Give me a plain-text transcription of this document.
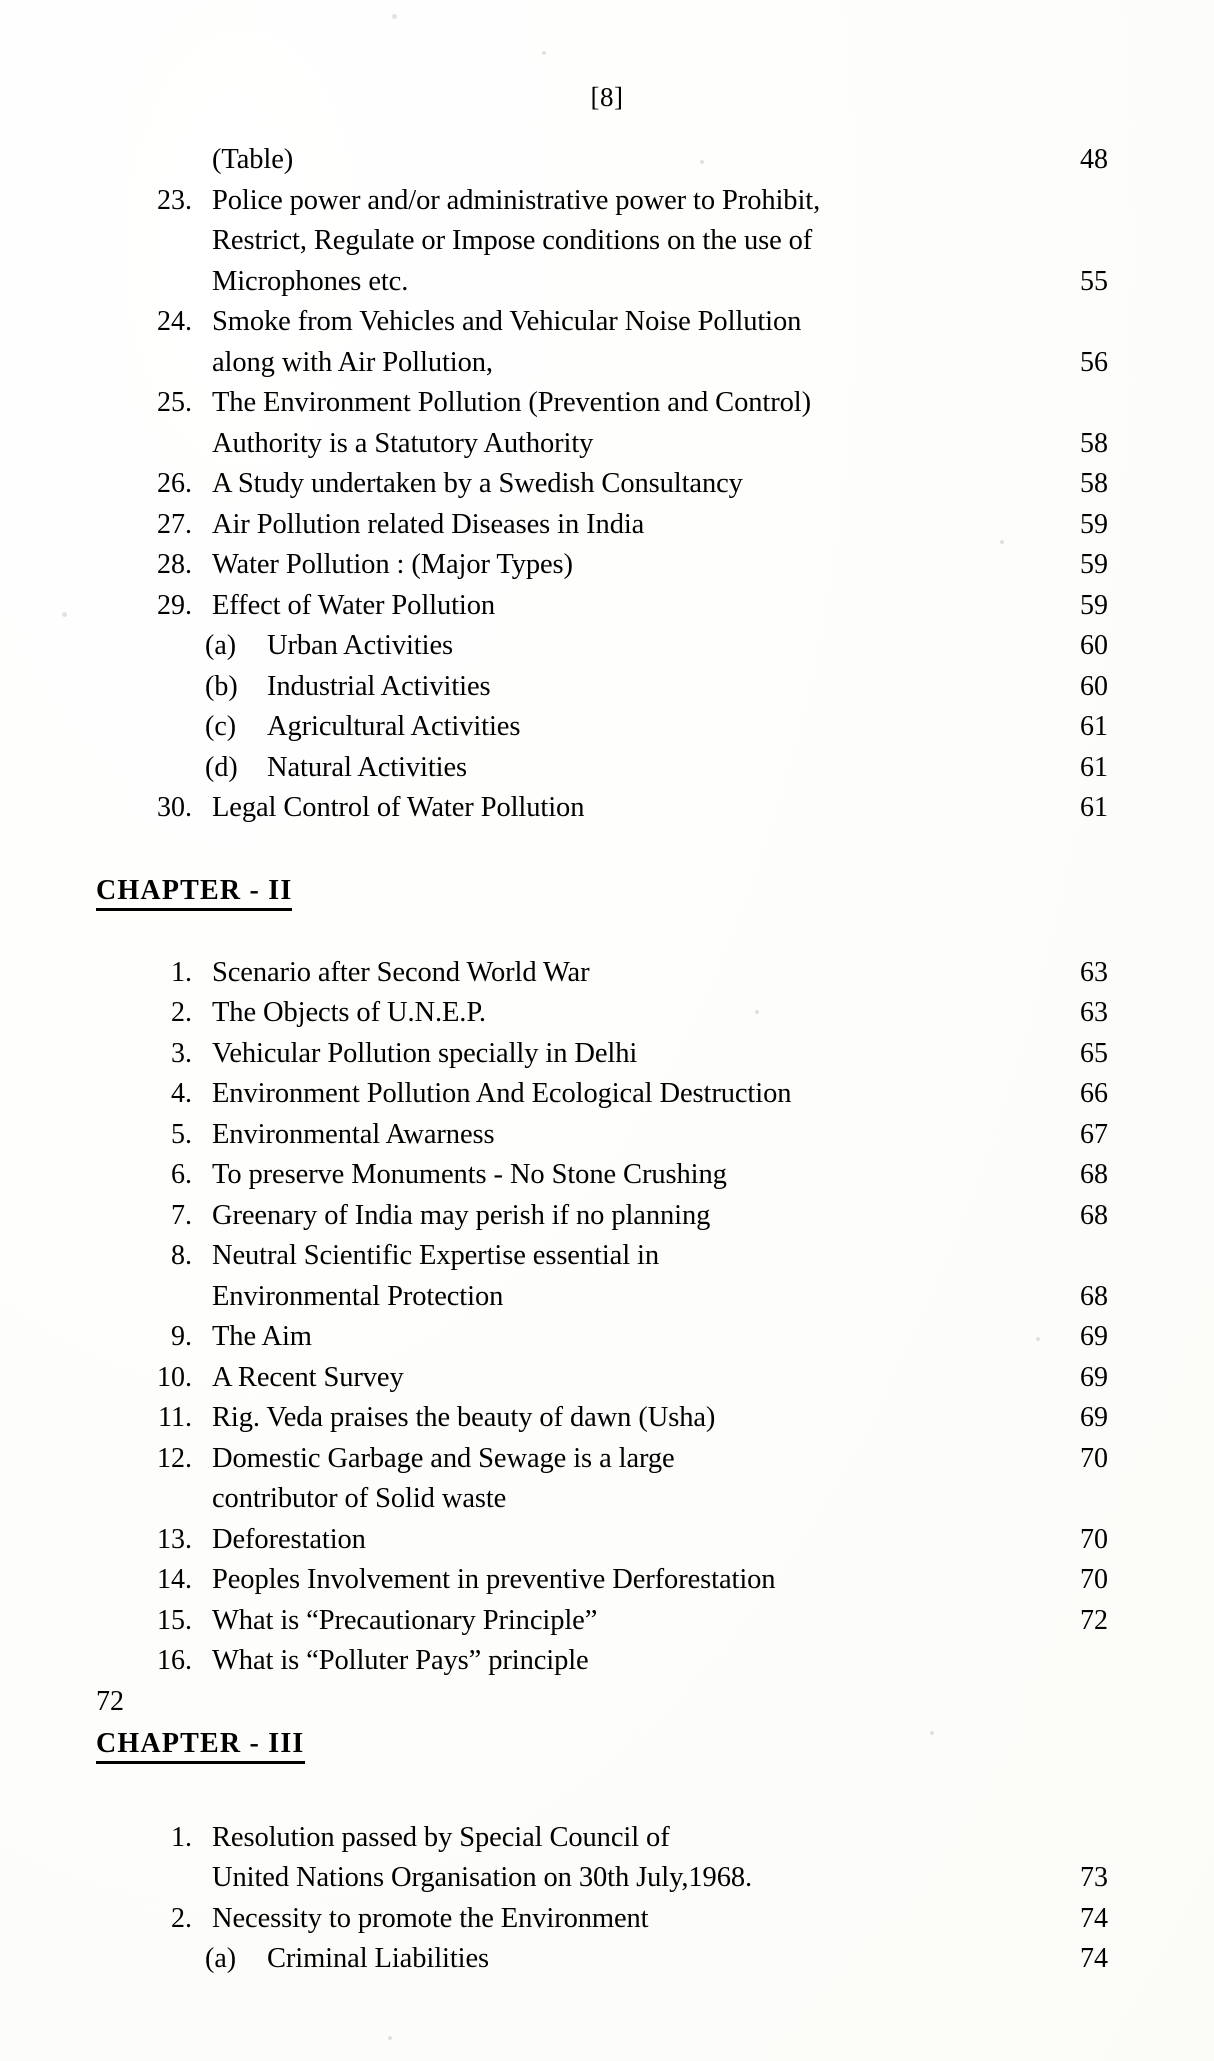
[8]
(Table)	48
23. Police power and/or administrative power to Prohibit,
Restrict, Regulate or Impose conditions on the use of
Microphones etc.	55
24. Smoke from Vehicles and Vehicular Noise Pollution
along with Air Pollution,	56
25. The Environment Pollution (Prevention and Control)
Authority is a Statutory Authority	58
26. A Study undertaken by a Swedish Consultancy	58
27. Air Pollution related Diseases in India	59
28. Water Pollution : (Major Types)	59
29. Effect of Water Pollution	59
(a)	Urban Activities	60
(b)	Industrial Activities	60
(c)	Agricultural Activities	61
(d)	Natural Activities	61
30. Legal Control of Water Pollution	61
CHAPTER - II
1. Scenario after Second World War	63
2. The Objects of U.N.E.P.	63
3. Vehicular Pollution specially in Delhi	65
4. Environment Pollution And Ecological Destruction	66
5. Environmental Awarness	67
6. To preserve Monuments - No Stone Crushing	68
7. Greenary of India may perish if no planning	68
8. Neutral Scientific Expertise essential in
Environmental Protection	68
9. The Aim	69
10. A Recent Survey	69
11. Rig. Veda praises the beauty of dawn (Usha)	69
12. Domestic Garbage and Sewage is a large	70
contributor of Solid waste
13. Deforestation	70
14. Peoples Involvement in preventive Derforestation	70
15. What is “Precautionary Principle”	72
16. What is “Polluter Pays” principle
72
CHAPTER - III
1. Resolution passed by Special Council of
United Nations Organisation on 30th July,1968.	73
2. Necessity to promote the Environment	74
(a)	Criminal Liabilities	74
